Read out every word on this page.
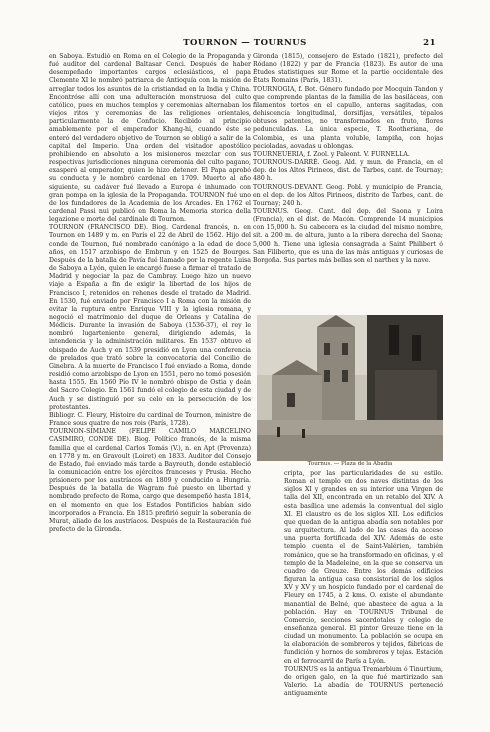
TOURNON — TOURNUS	21

en Saboya. Estudió en Roma en el Colegio de la Propaganda y fué auditor del cardenal Baltasar Cenci. Después de haber desempeñado importantes cargos eclesiásticos, el papa Clemente XI le nombró patriarca de Antioquía con la misión de arreglar todos los asuntos de la cristiandad en la India y China. Encontróse allí con una adulteración monstruosa del culto católico, pues en muchos templos y ceremonias alternaban los viejos ritos y ceremonias de las religiones orientales, particularmente la de Confucio. Recibido al principio amablemente por el emperador Khang-hi, cuando éste se enteró del verdadero objetivo de Tournon se obligó a salir de la capital del Imperio. Una orden del visitador apostólico prohibiendo en absoluto a los misioneros mezclar con sus respectivas jurisdicciones ninguna ceremonia del culto pagano, exasperó al emperador, quien le hizo detener. El Papa aprobó su conducta y le nombró cardenal en 1709. Muerto al año siguiente, su cadáver fué llevado a Europa é inhumado con gran pompa en la iglesia de la Propaganda. TOURNON fué uno de los fundadores de la Academia de los Arcades. En 1762 el cardenal Passi nui publicó en Roma la Memoria storica della legazione e morte del cardinale di Tournon.

TOURNON (FRANCISCO DE). Biog. Cardenal francés, n. en Tournon en 1489 y m. en París el 22 de Abril de 1562. Hijo del conde de Tournon, fué nombrado canónigo a la edad de doce años, en 1517 arzobispo de Embrun y en 1525 de Bourges. Después de la batalla de Pavía fué llamado por la regente Luisa de Saboya a Lyón, quien le encargó fuese a firmar el tratado de Madrid y negociar la paz de Cambray. Luego hizo un nuevo viaje a España a fin de exigir la libertad de los hijos de Francisco I, retenidos en rehenes desde el tratado de Madrid. En 1530, fué enviado por Francisco I a Roma con la misión de evitar la ruptura entre Enrique VIII y la iglesia romana, y negoció el matrimonio del duque de Orleans y Catalina de Médicis. Durante la invasión de Saboya (1536-37), el rey le nombró lugarteniente general, dirigiendo además, la intendencia y la administración militares. En 1537 obtuvo el obispado de Auch y en 1539 presidió en Lyon una conferencia de prelados que trató sobre la convocatoria del Concilio de Ginebra. A la muerte de Francisco I fué enviado a Roma, donde residió como arzobispo de Lyon en 1551, pero no tomó posesión hasta 1555. En 1560 Pío IV le nombró obispo de Ostia y deán del Sacro Colegio. En 1561 fundó el colegio de esta ciudad y de Auch y se distinguió por su celo en la persecución de los protestantes.

Bibliogr. C. Fleury, Histoire du cardinal de Tournon, ministre de France sous quatre de nos rois (París, 1728).

TOURNON-SIMIANE (FELIPE CAMILO MARCELINO CASIMIRO, CONDE DE). Biog. Político francés, de la misma familia que el cardenal Carlos Tomás (V.), n. en Apt (Provenza) en 1778 y m. en Gravoult (Loiret) en 1833. Auditor del Consejo de Estado, fué enviado más tarde a Bayreuth, donde estableció la comunicación entre los ejércitos franceses y Prusia. Hecho prisionero por los austríacos en 1809 y conducido a Hungría. Después de la batalla de Wagram fué puesto en libertad y nombrado prefecto de Roma, cargo que desempeñó hasta 1814, en el momento en que los Estados Pontificios habían sido incorporados a Francia. En 1815 prefirió seguir la soberanía de Murat, aliado de los austríacos. Después de la Restauración fué prefecto de la Gironda.

Gironda (1815), consejero de Estado (1821), prefecto del Ródano (1822) y par de Francia (1823). Es autor de una Études statistiques sur Rome et la partie occidentale des États Romains (París, 1831).

TOURNOGIA, f. Bot. Género fundado por Mocquin Tandon y que comprende plantas de la familia de las basiláceas, con filamentos tortos en el capullo, anteras sagitadas, con dehiscencia longitudinal, dorsifijas, versátiles, tépalos obtusos patentes, no transformados en fruto, flores pedunculadas. La única especie, T. Rootheriana, de Colombia, es una planta voluble, lampiña, con hojas pecioladas, aovadas u oblongas.

TOURNEUERIA, f. Zool. y Paleont. V. FURNELLA.

TOURNOUS-DARRÉ. Geog. Ald. y mun. de Francia, en el dep. de los Altos Pirineos, dist. de Tarbes, cant. de Tournay; 480 h.

TOURNOUS-DEVANT. Geog. Pobl. y municipio de Francia, en el dep. de los Altos Pirineos, distrito de Tarbes, cant. de Tournay; 240 h.

TOURNUS. Geog. Cant. del dep. del Saona y Loira (Francia), en el dist. de Macón. Comprende 14 municipios con 15,000 h. Su cabecera es la ciudad del mismo nombre, sit. a 200 m. de altura, junto a la ribera derecha del Saona; 5,000 h. Tiene una iglesia consagrada a Saint Philibert ó San Filiberto, que es una de las más antiguas y curiosas de Borgoña. Sus partes más bellas son el narthex y la nave.

Tournus. — Plaza de la Abadía

cripta, por las particularidades de su estilo. Roman el templo en dos naves distintas de los siglos XI y grandes en su interior una Virgen de talla del XII, encontrada en un retablo del XIV. A esta basílica une además la conventual del siglo XI. El claustro es de los siglos XII. Los edificios que quedan de la antigua abadía son notables por su arquitectura. Al lado de las casas da acceso una puerta fortificada del XIV. Además de este templo cuenta el de Saint-Valérien, también románico, que se ha transformado en oficinas, y el templo de la Madeleine, en la que se conserva un cuadro de Greuze. Entre los demás edificios figuran la antigua casa consistorial de los siglos XV y XV y un hospicio fundado por el cardenal de Fleury en 1745, a 2 kms. O. existe el abundante manantial de Belné, que abastece de agua a la población. Hay en TOURNUS Tribunal de Comercio, secciones sacerdotales y colegio de enseñanza general. El pintor Greuze tiene en la ciudad un monumento. La población se ocupa en la elaboración de sombreros y tejidos, fábricas de fundición y hornos de sombreros y tejas. Estación en el ferrocarril de París a Lyón.

TOURNUS es la antigua Tremarbium ó Tinurtium, de origen galo, en la que fué martirizado san Valerio. La abadía de TOURNUS perteneció antiguamente
